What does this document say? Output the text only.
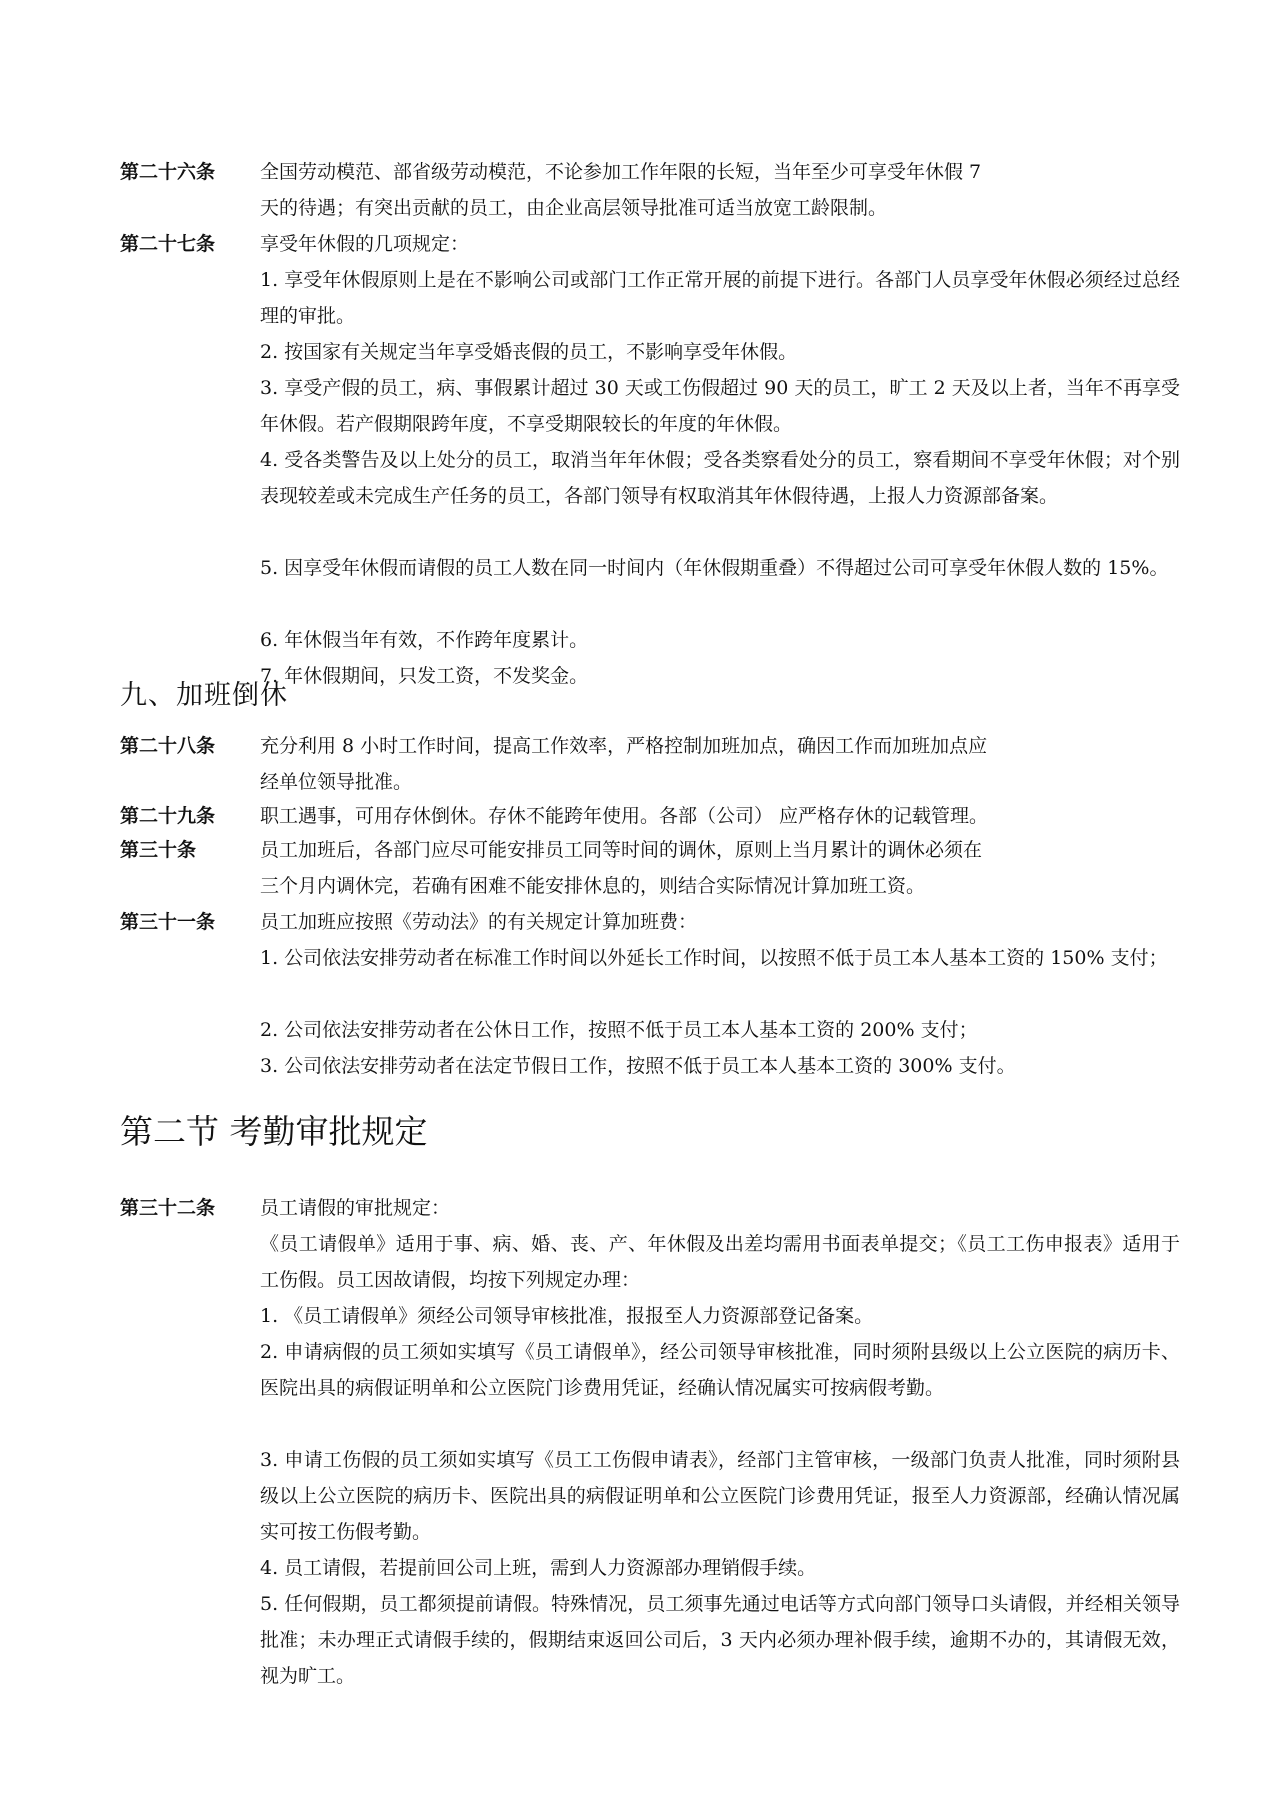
第二十六条 全国劳动模范、部省级劳动模范，不论参加工作年限的长短，当年至少可享受年休假 7
天的待遇；有突出贡献的员工，由企业高层领导批准可适当放宽工龄限制。
第二十七条 享受年休假的几项规定：
1. 享受年休假原则上是在不影响公司或部门工作正常开展的前提下进行。各部门人员享受年休假必须经过总经理的审批。
2. 按国家有关规定当年享受婚丧假的员工，不影响享受年休假。
3. 享受产假的员工，病、事假累计超过 30 天或工伤假超过 90 天的员工，旷工 2 天及以上者，当年不再享受年休假。若产假期限跨年度，不享受期限较长的年度的年休假。
4. 受各类警告及以上处分的员工，取消当年年休假；受各类察看处分的员工，察看期间不享受年休假；对个别表现较差或未完成生产任务的员工，各部门领导有权取消其年休假待遇，上报人力资源部备案。
5. 因享受年休假而请假的员工人数在同一时间内（年休假期重叠）不得超过公司可享受年休假人数的 15%。
6. 年休假当年有效，不作跨年度累计。
7. 年休假期间，只发工资，不发奖金。
九、加班倒休
第二十八条 充分利用 8 小时工作时间，提高工作效率，严格控制加班加点，确因工作而加班加点应
经单位领导批准。
第二十九条 职工遇事，可用存休倒休。存休不能跨年使用。各部（公司） 应严格存休的记载管理。
第三十条	员工加班后，各部门应尽可能安排员工同等时间的调休，原则上当月累计的调休必须在
三个月内调休完，若确有困难不能安排休息的，则结合实际情况计算加班工资。
第三十一条 员工加班应按照《劳动法》的有关规定计算加班费：
1. 公司依法安排劳动者在标准工作时间以外延长工作时间，以按照不低于员工本人基本工资的 150% 支付；
2. 公司依法安排劳动者在公休日工作，按照不低于员工本人基本工资的 200% 支付；
3. 公司依法安排劳动者在法定节假日工作，按照不低于员工本人基本工资的 300% 支付。
第二节 考勤审批规定
第三十二条 员工请假的审批规定：
《员工请假单》适用于事、病、婚、丧、产、年休假及出差均需用书面表单提交；《员工工伤申报表》适用于工伤假。员工因故请假，均按下列规定办理：
1. 《员工请假单》须经公司领导审核批准，报报至人力资源部登记备案。
2. 申请病假的员工须如实填写《员工请假单》，经公司领导审核批准，同时须附县级以上公立医院的病历卡、医院出具的病假证明单和公立医院门诊费用凭证，经确认情况属实可按病假考勤。
3. 申请工伤假的员工须如实填写《员工工伤假申请表》，经部门主管审核，一级部门负责人批准，同时须附县级以上公立医院的病历卡、医院出具的病假证明单和公立医院门诊费用凭证，报至人力资源部，经确认情况属实可按工伤假考勤。
4. 员工请假，若提前回公司上班，需到人力资源部办理销假手续。
5. 任何假期，员工都须提前请假。特殊情况，员工须事先通过电话等方式向部门领导口头请假，并经相关领导批准；未办理正式请假手续的，假期结束返回公司后，3 天内必须办理补假手续，逾期不办的，其请假无效，视为旷工。
